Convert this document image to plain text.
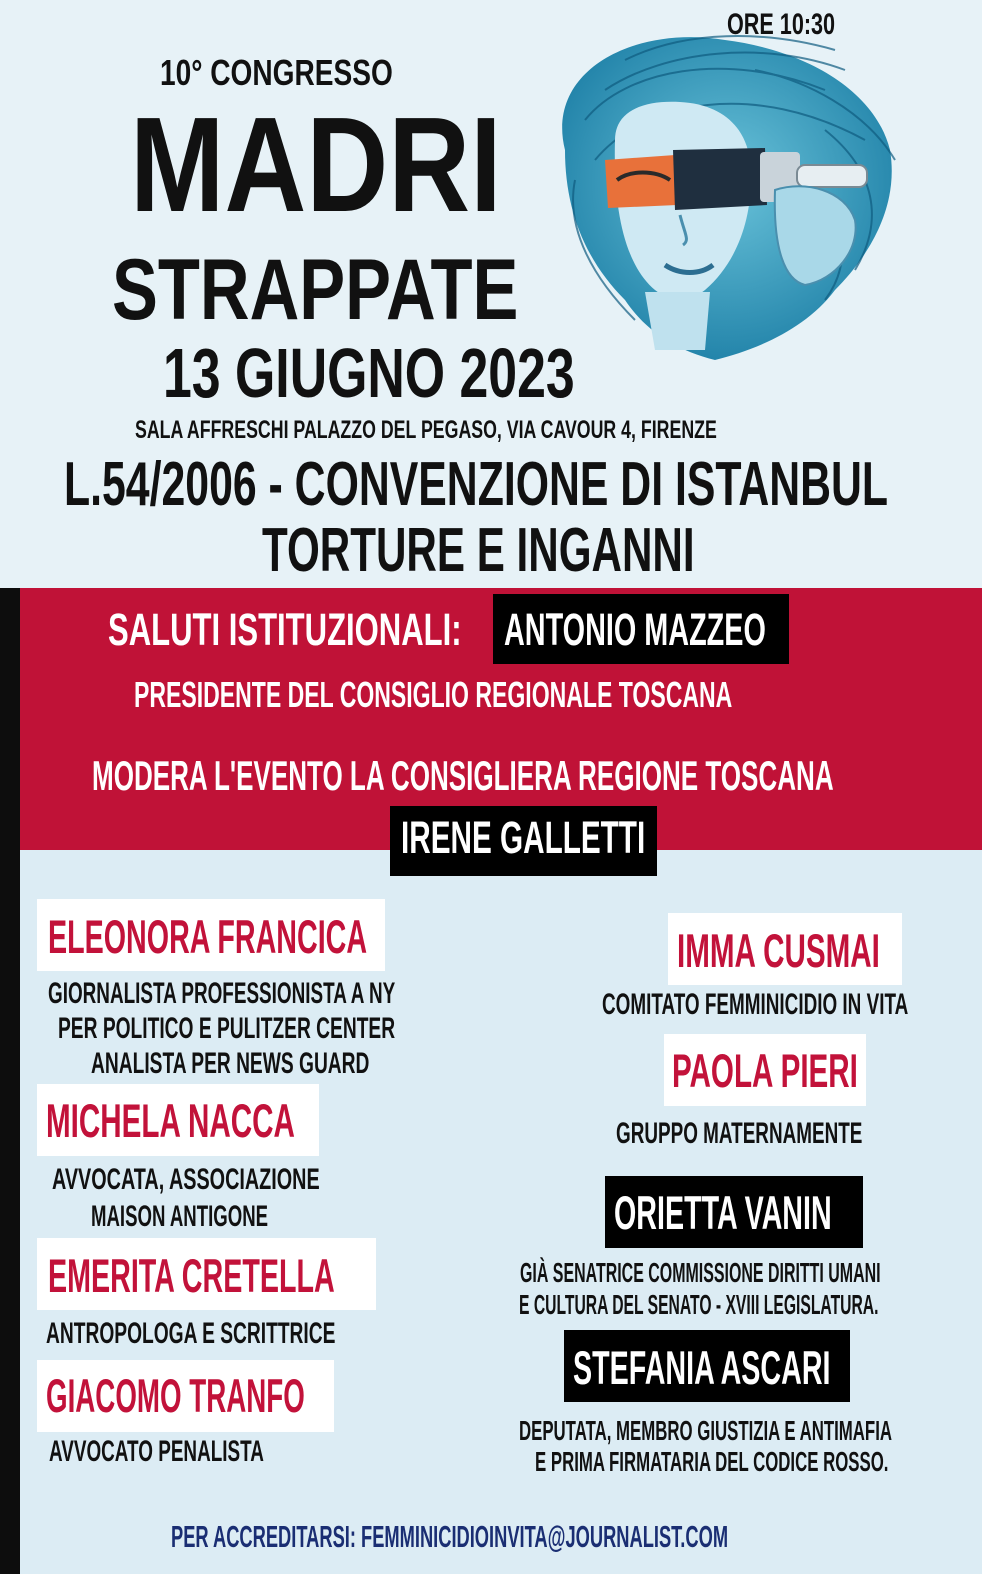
ORE 10:30
10° CONGRESSO
MADRI
STRAPPATE
13 GIUGNO 2023
SALA AFFRESCHI PALAZZO DEL PEGASO, VIA CAVOUR 4, FIRENZE
L.54/2006 - CONVENZIONE DI ISTANBUL
TORTURE E INGANNI
SALUTI ISTITUZIONALI: ANTONIO MAZZEO
PRESIDENTE DEL CONSIGLIO REGIONALE TOSCANA
MODERA L'EVENTO LA CONSIGLIERA REGIONE TOSCANA
IRENE GALLETTI
ELEONORA FRANCICA
GIORNALISTA PROFESSIONISTA A NY
PER POLITICO E PULITZER CENTER
ANALISTA PER NEWS GUARD
MICHELA NACCA
AVVOCATA, ASSOCIAZIONE
MAISON ANTIGONE
EMERITA CRETELLA
ANTROPOLOGA E SCRITTRICE
GIACOMO TRANFO
AVVOCATO PENALISTA
IMMA CUSMAI
COMITATO FEMMINICIDIO IN VITA
PAOLA PIERI
GRUPPO MATERNAMENTE
ORIETTA VANIN
GIÀ SENATRICE COMMISSIONE DIRITTI UMANI
E CULTURA DEL SENATO - XVIII LEGISLATURA.
STEFANIA ASCARI
DEPUTATA, MEMBRO GIUSTIZIA E ANTIMAFIA
E PRIMA FIRMATARIA DEL CODICE ROSSO.
PER ACCREDITARSI: FEMMINICIDIOINVITA@JOURNALIST.COM
